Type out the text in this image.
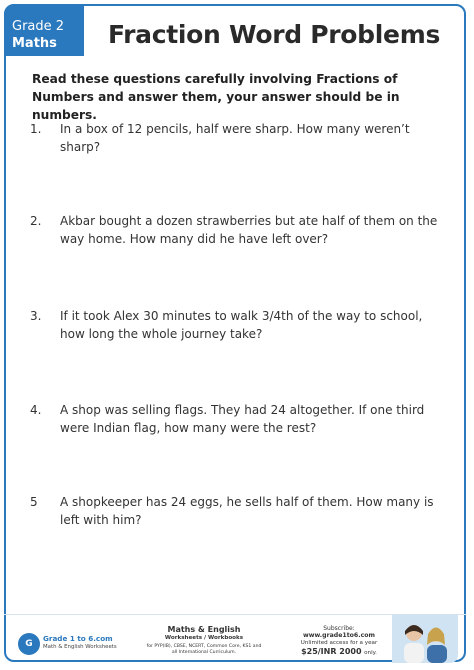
Grade 2
Maths Fraction Word Problems
Read these questions carefully involving Fractions of Numbers and answer them, your answer should be in numbers.
1.	In a box of 12 pencils, half were sharp. How many weren’t sharp?
2.	Akbar bought a dozen strawberries but ate half of them on the way home. How many did he have left over?
3.	If it took Alex 30 minutes to walk 3/4th of the way to school, how long the whole journey take?
4.	A shop was selling flags. They had 24 altogether. If one third were Indian flag, how many were the rest?
5	A shopkeeper has 24 eggs, he sells half of them. How many is left with him?
G
Grade 1 to 6.com
Math & English Worksheets
Maths & English
Worksheets / Workbooks
for PYP(IB), CBSE, NCERT, Common Core, KS1 and all International Curriculum.
Subscribe:
www.grade1to6.com
Unlimited access for a year
$25/INR 2000 only.
